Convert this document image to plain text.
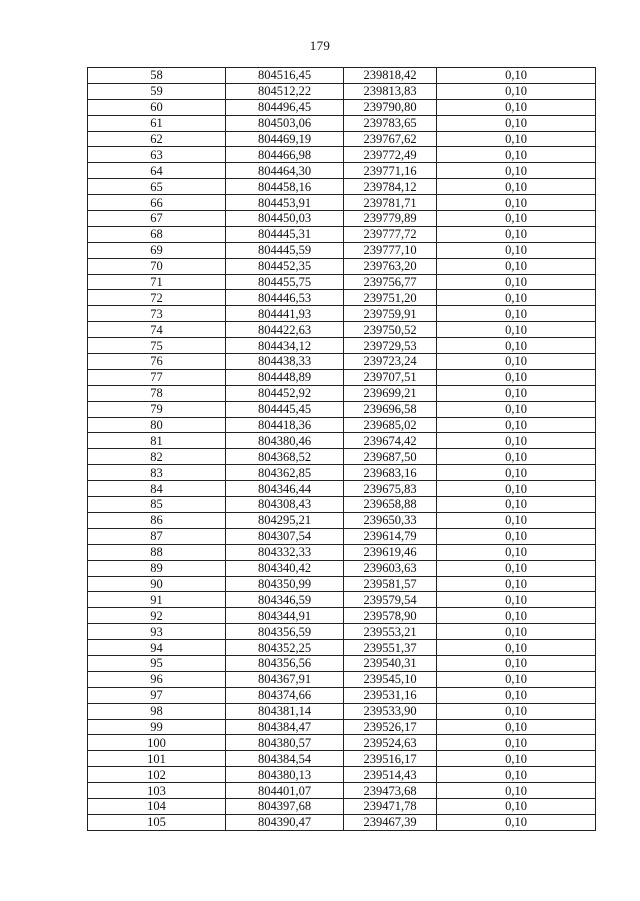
179
58	804516,45	239818,42	0,10
59	804512,22	239813,83	0,10
60	804496,45	239790,80	0,10
61	804503,06	239783,65	0,10
62	804469,19	239767,62	0,10
63	804466,98	239772,49	0,10
64	804464,30	239771,16	0,10
65	804458,16	239784,12	0,10
66	804453,91	239781,71	0,10
67	804450,03	239779,89	0,10
68	804445,31	239777,72	0,10
69	804445,59	239777,10	0,10
70	804452,35	239763,20	0,10
71	804455,75	239756,77	0,10
72	804446,53	239751,20	0,10
73	804441,93	239759,91	0,10
74	804422,63	239750,52	0,10
75	804434,12	239729,53	0,10
76	804438,33	239723,24	0,10
77	804448,89	239707,51	0,10
78	804452,92	239699,21	0,10
79	804445,45	239696,58	0,10
80	804418,36	239685,02	0,10
81	804380,46	239674,42	0,10
82	804368,52	239687,50	0,10
83	804362,85	239683,16	0,10
84	804346,44	239675,83	0,10
85	804308,43	239658,88	0,10
86	804295,21	239650,33	0,10
87	804307,54	239614,79	0,10
88	804332,33	239619,46	0,10
89	804340,42	239603,63	0,10
90	804350,99	239581,57	0,10
91	804346,59	239579,54	0,10
92	804344,91	239578,90	0,10
93	804356,59	239553,21	0,10
94	804352,25	239551,37	0,10
95	804356,56	239540,31	0,10
96	804367,91	239545,10	0,10
97	804374,66	239531,16	0,10
98	804381,14	239533,90	0,10
99	804384,47	239526,17	0,10
100	804380,57	239524,63	0,10
101	804384,54	239516,17	0,10
102	804380,13	239514,43	0,10
103	804401,07	239473,68	0,10
104	804397,68	239471,78	0,10
105	804390,47	239467,39	0,10
